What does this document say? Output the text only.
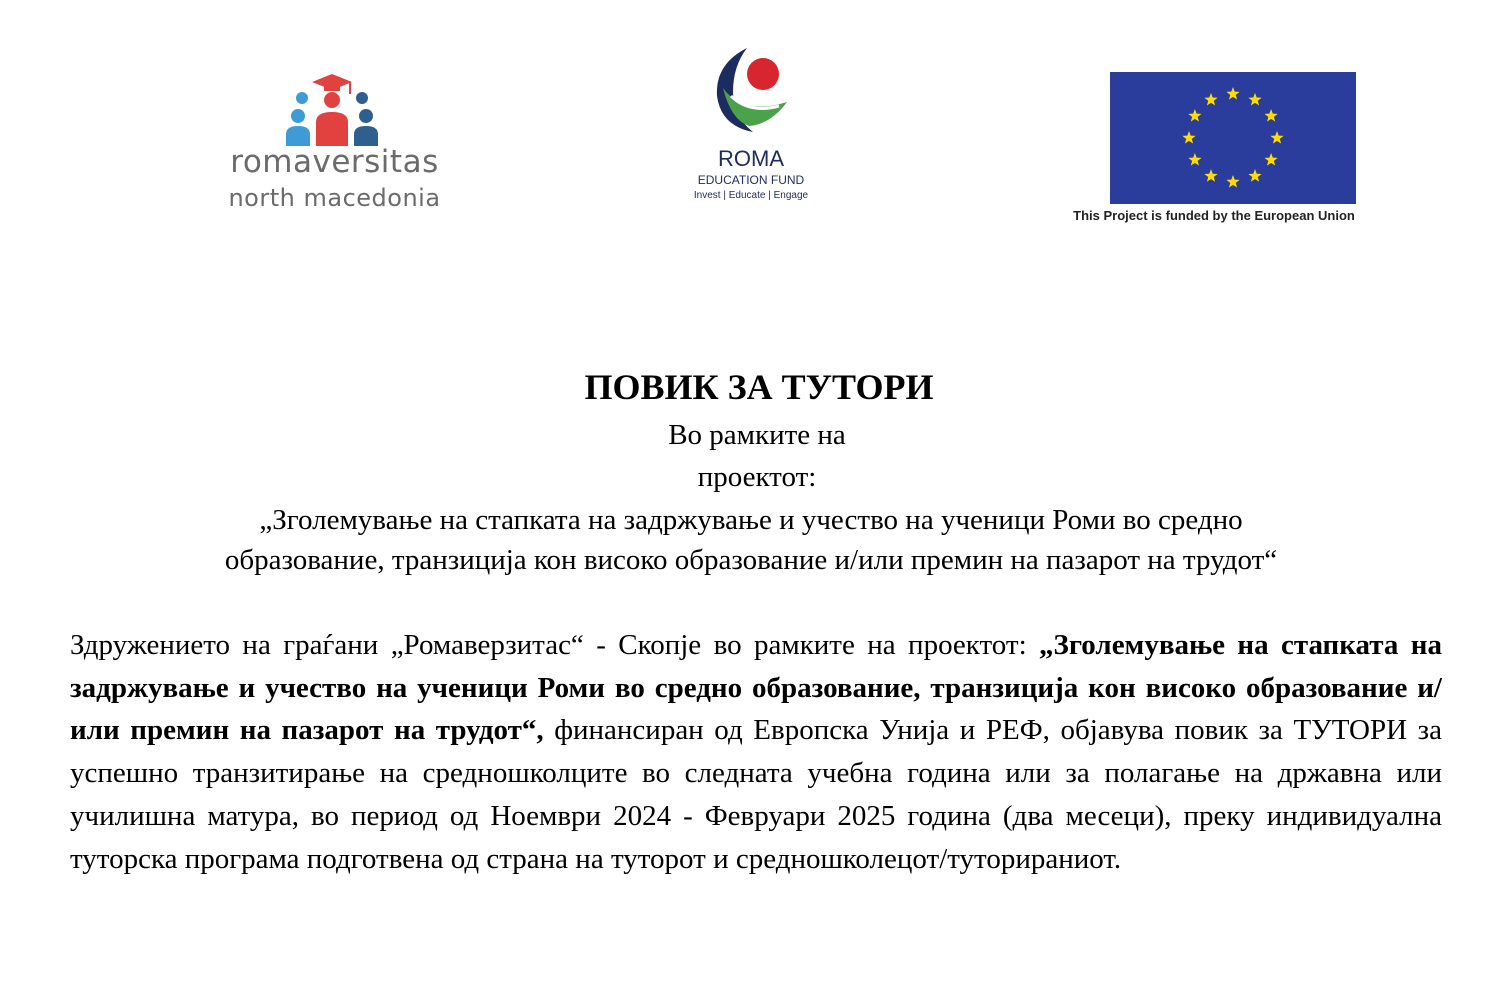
romaversitas
north macedonia
ROMA
EDUCATION FUND
Invest | Educate | Engage
This Project is funded by the European Union
ПОВИК ЗА ТУТОРИ

Во рамките на

проектот:

„Зголемување на стапката на задржување и учество на ученици Роми во средно
образование, транзиција кон високо образование и/или премин на пазарот на трудот“

Здружението на граѓани „Ромаверзитас“ - Скопје во рамките на проектот: „Зголемување на стапката на задржување и учество на ученици Роми во средно образование, транзиција кон високо образование и/или премин на пазарот на трудот“, финансиран од Европска Унија и РЕФ, објавува повик за ТУТОРИ за успешно транзитирање на средношколците во следната учебна година или за полагање на државна или училишна матура, во период од Ноември 2024 - Февруари 2025 година (два месеци), преку индивидуална туторска програма подготвена од страна на туторот и средношколецот/туторираниот.
